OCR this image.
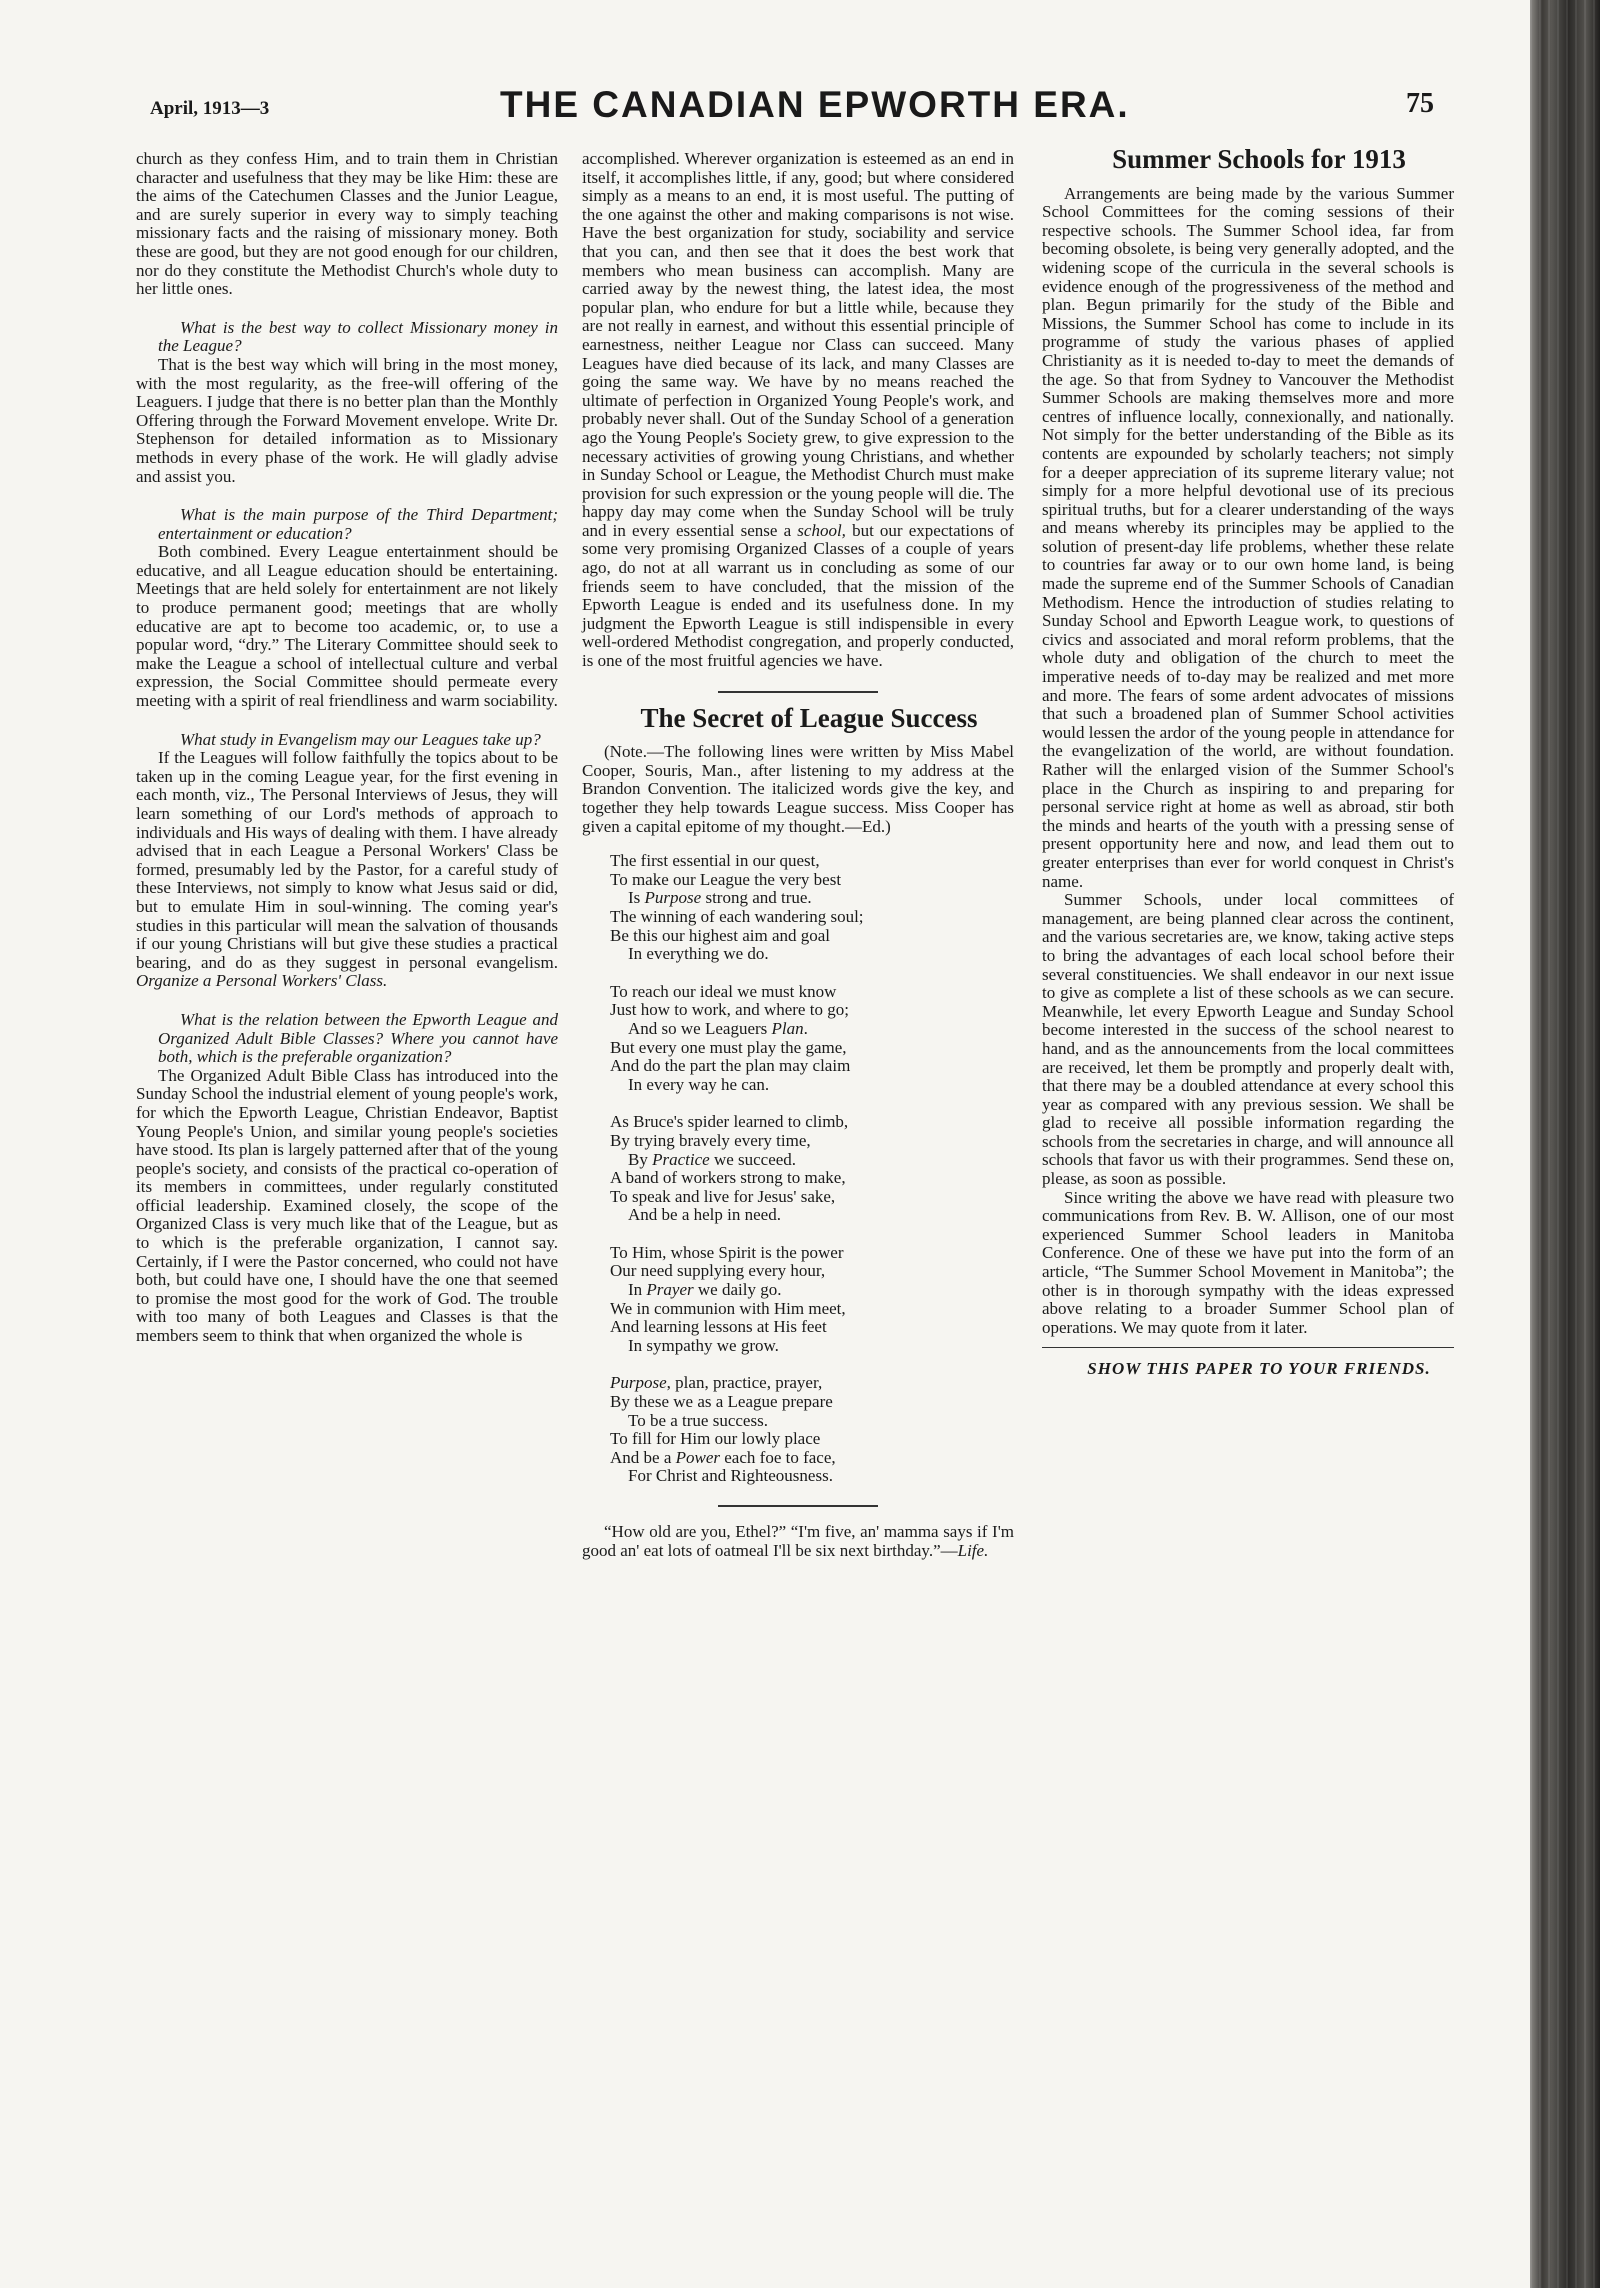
April, 1913—3	THE CANADIAN EPWORTH ERA.	75

church as they confess Him, and to train them in Christian character and usefulness that they may be like Him: these are the aims of the Catechumen Classes and the Junior League, and are surely superior in every way to simply teaching missionary facts and the raising of missionary money. Both these are good, but they are not good enough for our children, nor do they constitute the Methodist Church's whole duty to her little ones.

What is the best way to collect Missionary money in the League?

That is the best way which will bring in the most money, with the most regularity, as the free-will offering of the Leaguers. I judge that there is no better plan than the Monthly Offering through the Forward Movement envelope. Write Dr. Stephenson for detailed information as to Missionary methods in every phase of the work. He will gladly advise and assist you.

What is the main purpose of the Third Department; entertainment or education?

Both combined. Every League entertainment should be educative, and all League education should be entertaining. Meetings that are held solely for entertainment are not likely to produce permanent good; meetings that are wholly educative are apt to become too academic, or, to use a popular word, “dry.” The Literary Committee should seek to make the League a school of intellectual culture and verbal expression, the Social Committee should permeate every meeting with a spirit of real friendliness and warm sociability.

What study in Evangelism may our Leagues take up?

If the Leagues will follow faithfully the topics about to be taken up in the coming League year, for the first evening in each month, viz., The Personal Interviews of Jesus, they will learn something of our Lord's methods of approach to individuals and His ways of dealing with them. I have already advised that in each League a Personal Workers' Class be formed, presumably led by the Pastor, for a careful study of these Interviews, not simply to know what Jesus said or did, but to emulate Him in soul-winning. The coming year's studies in this particular will mean the salvation of thousands if our young Christians will but give these studies a practical bearing, and do as they suggest in personal evangelism. Organize a Personal Workers' Class.

What is the relation between the Epworth League and Organized Adult Bible Classes? Where you cannot have both, which is the preferable organization?

The Organized Adult Bible Class has introduced into the Sunday School the industrial element of young people's work, for which the Epworth League, Christian Endeavor, Baptist Young People's Union, and similar young people's societies have stood. Its plan is largely patterned after that of the young people's society, and consists of the practical co-operation of its members in committees, under regularly constituted official leadership. Examined closely, the scope of the Organized Class is very much like that of the League, but as to which is the preferable organization, I cannot say. Certainly, if I were the Pastor concerned, who could not have both, but could have one, I should have the one that seemed to promise the most good for the work of God. The trouble with too many of both Leagues and Classes is that the members seem to think that when organized the whole is

accomplished. Wherever organization is esteemed as an end in itself, it accomplishes little, if any, good; but where considered simply as a means to an end, it is most useful. The putting of the one against the other and making comparisons is not wise. Have the best organization for study, sociability and service that you can, and then see that it does the best work that members who mean business can accomplish. Many are carried away by the newest thing, the latest idea, the most popular plan, who endure for but a little while, because they are not really in earnest, and without this essential principle of earnestness, neither League nor Class can succeed. Many Leagues have died because of its lack, and many Classes are going the same way. We have by no means reached the ultimate of perfection in Organized Young People's work, and probably never shall. Out of the Sunday School of a generation ago the Young People's Society grew, to give expression to the necessary activities of growing young Christians, and whether in Sunday School or League, the Methodist Church must make provision for such expression or the young people will die. The happy day may come when the Sunday School will be truly and in every essential sense a school, but our expectations of some very promising Organized Classes of a couple of years ago, do not at all warrant us in concluding as some of our friends seem to have concluded, that the mission of the Epworth League is ended and its usefulness done. In my judgment the Epworth League is still indispensible in every well-ordered Methodist congregation, and properly conducted, is one of the most fruitful agencies we have.

The Secret of League Success

(Note.—The following lines were written by Miss Mabel Cooper, Souris, Man., after listening to my address at the Brandon Convention. The italicized words give the key, and together they help towards League success. Miss Cooper has given a capital epitome of my thought.—Ed.)

The first essential in our quest,
To make our League the very best
Is Purpose strong and true.
The winning of each wandering soul;
Be this our highest aim and goal
In everything we do.
To reach our ideal we must know
Just how to work, and where to go;
And so we Leaguers Plan.
But every one must play the game,
And do the part the plan may claim
In every way he can.
As Bruce's spider learned to climb,
By trying bravely every time,
By Practice we succeed.
A band of workers strong to make,
To speak and live for Jesus' sake,
And be a help in need.
To Him, whose Spirit is the power
Our need supplying every hour,
In Prayer we daily go.
We in communion with Him meet,
And learning lessons at His feet
In sympathy we grow.
Purpose, plan, practice, prayer,
By these we as a League prepare
To be a true success.
To fill for Him our lowly place
And be a Power each foe to face,
For Christ and Righteousness.

“How old are you, Ethel?” “I'm five, an' mamma says if I'm good an' eat lots of oatmeal I'll be six next birthday.”—Life.

Summer Schools for 1913

Arrangements are being made by the various Summer School Committees for the coming sessions of their respective schools. The Summer School idea, far from becoming obsolete, is being very generally adopted, and the widening scope of the curricula in the several schools is evidence enough of the progressiveness of the method and plan. Begun primarily for the study of the Bible and Missions, the Summer School has come to include in its programme of study the various phases of applied Christianity as it is needed to-day to meet the demands of the age. So that from Sydney to Vancouver the Methodist Summer Schools are making themselves more and more centres of influence locally, connexionally, and nationally. Not simply for the better understanding of the Bible as its contents are expounded by scholarly teachers; not simply for a deeper appreciation of its supreme literary value; not simply for a more helpful devotional use of its precious spiritual truths, but for a clearer understanding of the ways and means whereby its principles may be applied to the solution of present-day life problems, whether these relate to countries far away or to our own home land, is being made the supreme end of the Summer Schools of Canadian Methodism. Hence the introduction of studies relating to Sunday School and Epworth League work, to questions of civics and associated and moral reform problems, that the whole duty and obligation of the church to meet the imperative needs of to-day may be realized and met more and more. The fears of some ardent advocates of missions that such a broadened plan of Summer School activities would lessen the ardor of the young people in attendance for the evangelization of the world, are without foundation. Rather will the enlarged vision of the Summer School's place in the Church as inspiring to and preparing for personal service right at home as well as abroad, stir both the minds and hearts of the youth with a pressing sense of present opportunity here and now, and lead them out to greater enterprises than ever for world conquest in Christ's name.

Summer Schools, under local committees of management, are being planned clear across the continent, and the various secretaries are, we know, taking active steps to bring the advantages of each local school before their several constituencies. We shall endeavor in our next issue to give as complete a list of these schools as we can secure. Meanwhile, let every Epworth League and Sunday School become interested in the success of the school nearest to hand, and as the announcements from the local committees are received, let them be promptly and properly dealt with, that there may be a doubled attendance at every school this year as compared with any previous session. We shall be glad to receive all possible information regarding the schools from the secretaries in charge, and will announce all schools that favor us with their programmes. Send these on, please, as soon as possible.

Since writing the above we have read with pleasure two communications from Rev. B. W. Allison, one of our most experienced Summer School leaders in Manitoba Conference. One of these we have put into the form of an article, “The Summer School Movement in Manitoba”; the other is in thorough sympathy with the ideas expressed above relating to a broader Summer School plan of operations. We may quote from it later.

SHOW THIS PAPER TO YOUR FRIENDS.
